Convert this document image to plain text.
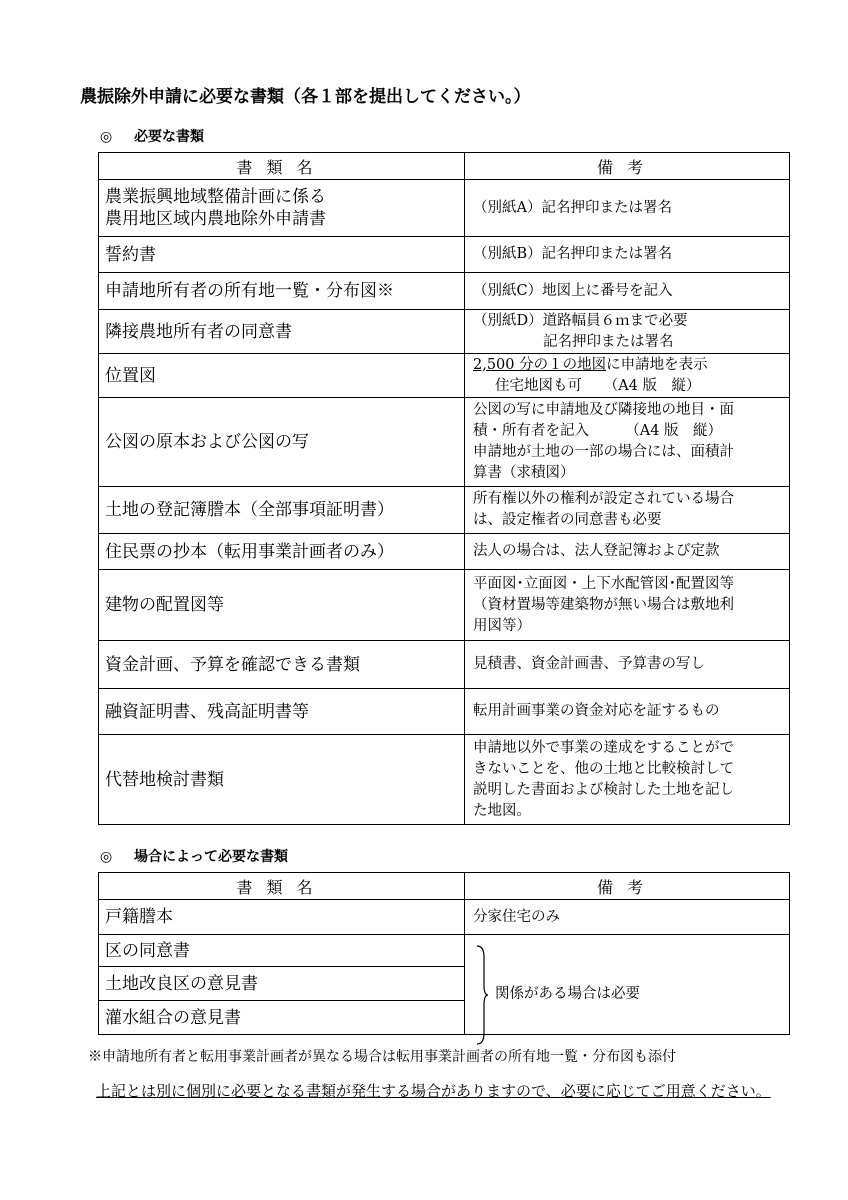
農振除外申請に必要な書類（各１部を提出してください。）
◎ 必要な書類
書類名	備考

農業振興地域整備計画に係る
農用地区域内農地除外申請書	（別紙A）記名押印または署名

誓約書	（別紙B）記名押印または署名

申請地所有者の所有地一覧・分布図※	（別紙C）地図上に番号を記入

隣接農地所有者の同意書	（別紙D）道路幅員６ｍまで必要
記名押印または署名

位置図	2,500 分の１の地図に申請地を表示
住宅地図も可　　（A4 版　縦）

公図の原本および公図の写	公図の写に申請地及び隣接地の地目・面
積・所有者を記入　　　（A4 版　縦）
申請地が土地の一部の場合には、面積計
算書（求積図）

土地の登記簿謄本（全部事項証明書）	所有権以外の権利が設定されている場合
は、設定権者の同意書も必要

住民票の抄本（転用事業計画者のみ）	法人の場合は、法人登記簿および定款

建物の配置図等	平面図･立面図・上下水配管図･配置図等
（資材置場等建築物が無い場合は敷地利
用図等）

資金計画、予算を確認できる書類	見積書、資金計画書、予算書の写し

融資証明書、残高証明書等	転用計画事業の資金対応を証するもの

代替地検討書類	申請地以外で事業の達成をすることがで
きないことを、他の土地と比較検討して
説明した書面および検討した土地を記し
た地図。
◎ 場合によって必要な書類
書類名	備考

戸籍謄本	分家住宅のみ

区の同意書	関係がある場合は必要

土地改良区の意見書	

灌水組合の意見書	
※申請地所有者と転用事業計画者が異なる場合は転用事業計画者の所有地一覧・分布図も添付
上記とは別に個別に必要となる書類が発生する場合がありますので、必要に応じてご用意ください。
